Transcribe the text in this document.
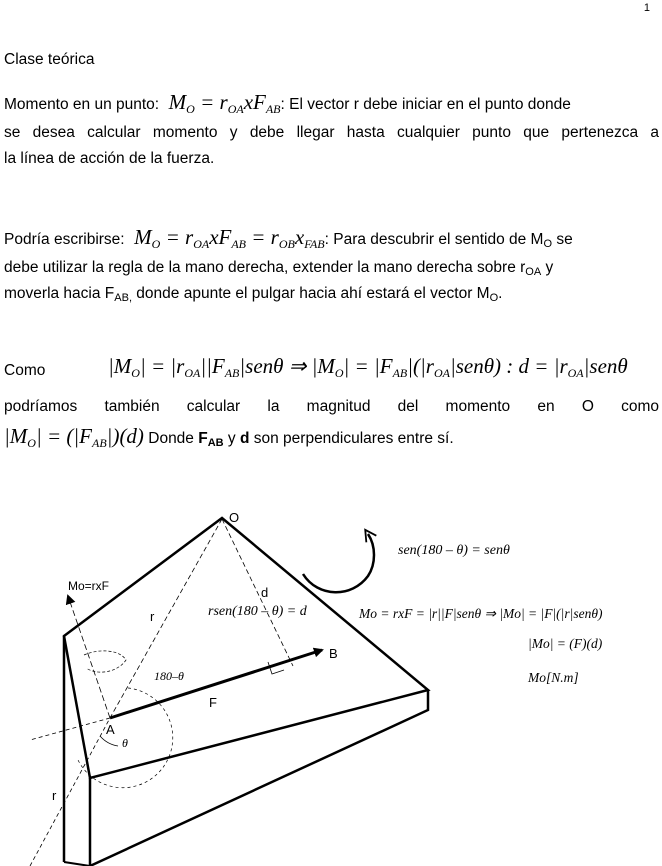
1
Clase teórica
Momento en un punto:  $M_O = r_{OA}xF_{AB}$: El vector r debe iniciar en el punto donde
se desea calcular momento y debe llegar hasta cualquier punto que pertenezca a
la línea de acción de la fuerza.
Podría escribirse:  $M_O = r_{OA}xF_{AB} = r_{OB}x_{FAB}$: Para descubrir el sentido de $M_O$ se
debe utilizar la regla de la mano derecha, extender la mano derecha sobre $r_{OA}$ y
moverla hacia $F_{AB,}$ donde apunte el pulgar hacia ahí estará el vector $M_O$.
Como	$|M_O| = |r_{OA}||F_{AB}|sen\theta$ ⇒ $|M_O| = |F_{AB}|(|r_{OA}|sen\theta)$ : $d = |r_{OA}|sen\theta$
podríamos también calcular la magnitud del momento en O como
$|M_O| = (|F_{AB}|)(d)$ Donde $F_{AB}$ y d son perpendiculares entre sí.
O
A
B
F
r
r
d
θ
180–θ
Mo=rxF
rsen(180 – θ) = d
sen(180 – θ) = senθ
Mo = rxF = |r||F|senθ ⇒ |Mo| = |F|(|r|senθ)
|Mo| = (F)(d)
Mo[N.m]
